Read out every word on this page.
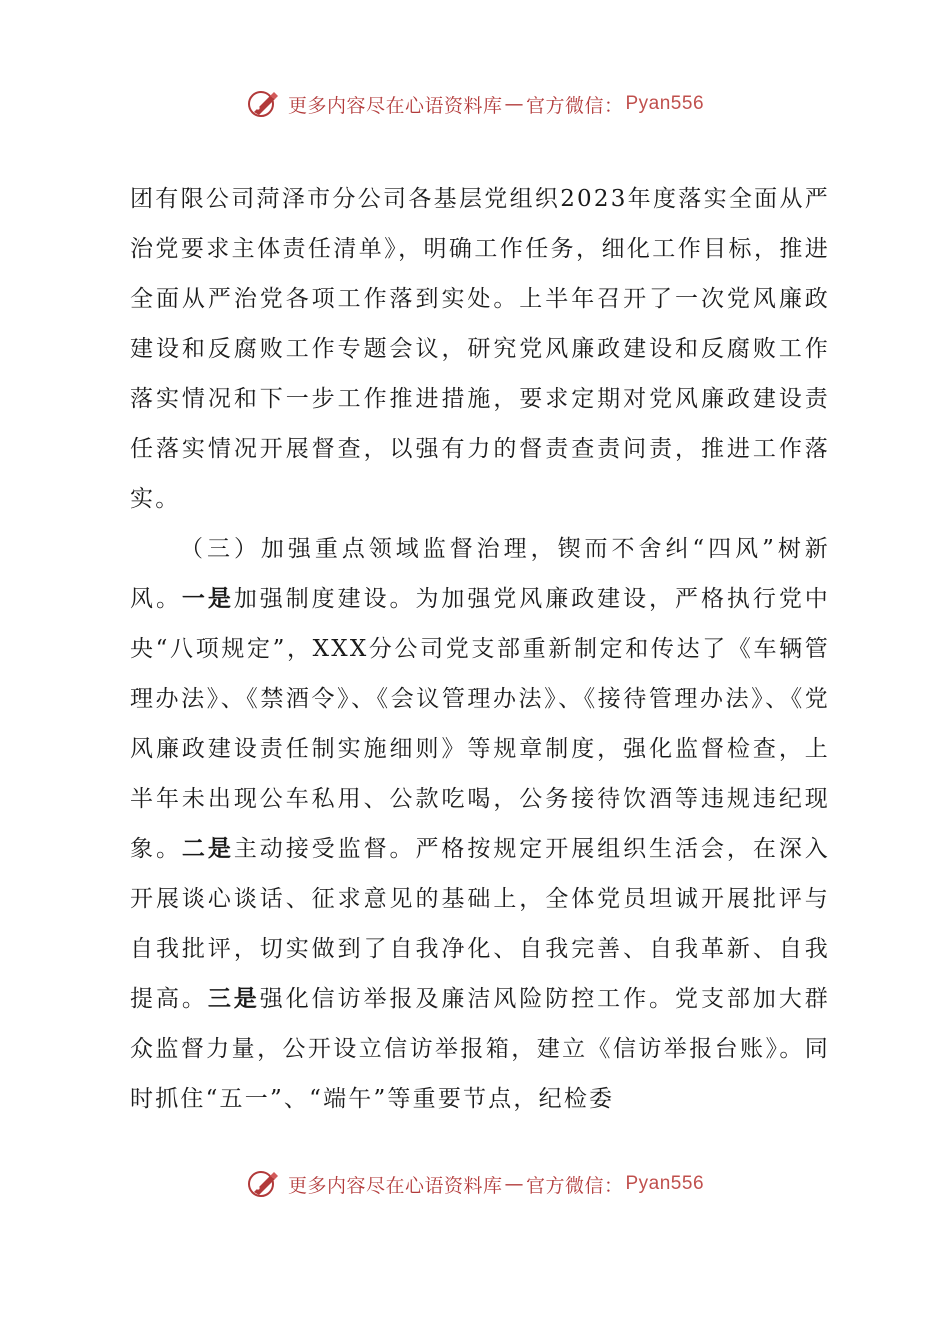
更多内容尽在心语资料库 — 官方微信： Pyan556

团有限公司菏泽市分公司各基层党组织2023年度落实全面从严治党要求主体责任清单》，明确工作任务，细化工作目标，推进全面从严治党各项工作落到实处。上半年召开了一次党风廉政建设和反腐败工作专题会议，研究党风廉政建设和反腐败工作落实情况和下一步工作推进措施，要求定期对党风廉政建设责任落实情况开展督查，以强有力的督责查责问责，推进工作落实。

（三）加强重点领域监督治理，锲而不舍纠“四风”树新风。一是加强制度建设。为加强党风廉政建设，严格执行党中央“八项规定”，XXX分公司党支部重新制定和传达了《车辆管理办法》、《禁酒令》、《会议管理办法》、《接待管理办法》、《党风廉政建设责任制实施细则》等规章制度，强化监督检查，上半年未出现公车私用、公款吃喝，公务接待饮酒等违规违纪现象。二是主动接受监督。严格按规定开展组织生活会，在深入开展谈心谈话、征求意见的基础上，全体党员坦诚开展批评与自我批评，切实做到了自我净化、自我完善、自我革新、自我提高。三是强化信访举报及廉洁风险防控工作。党支部加大群众监督力量，公开设立信访举报箱，建立《信访举报台账》。同时抓住“五一”、“端午”等重要节点，纪检委

更多内容尽在心语资料库 — 官方微信： Pyan556
